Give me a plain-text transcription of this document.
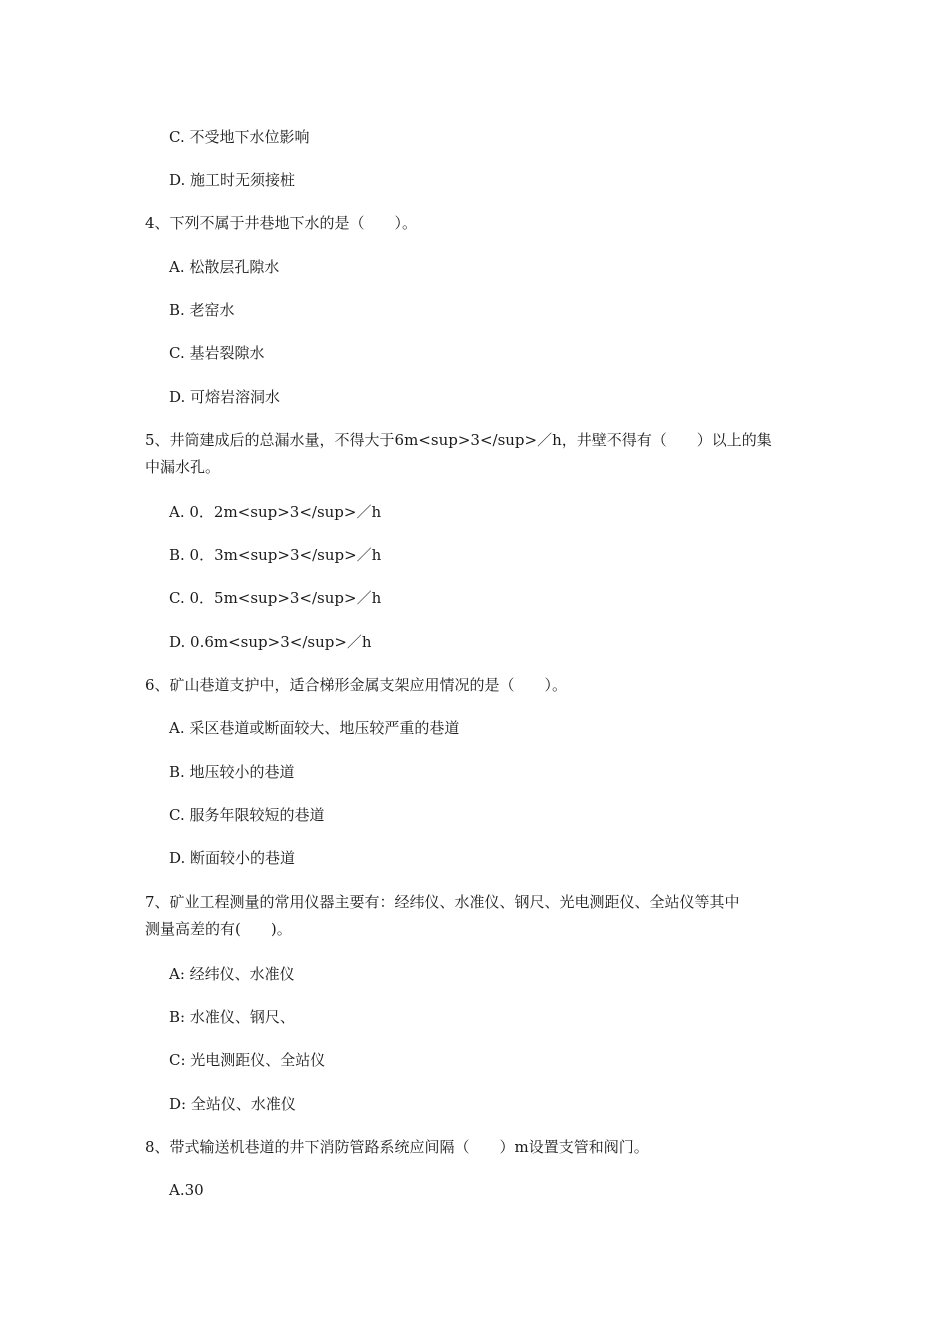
C. 不受地下水位影响
D. 施工时无须接桩
4、下列不属于井巷地下水的是（　　）。
A. 松散层孔隙水
B. 老窑水
C. 基岩裂隙水
D. 可熔岩溶洞水
5、井筒建成后的总漏水量，不得大于6m<sup>3</sup>／h，井壁不得有（　　）以上的集
中漏水孔。
A. 0．2m<sup>3</sup>／h
B. 0．3m<sup>3</sup>／h
C. 0．5m<sup>3</sup>／h
D. 0.6m<sup>3</sup>／h
6、矿山巷道支护中，适合梯形金属支架应用情况的是（　　）。
A. 采区巷道或断面较大、地压较严重的巷道
B. 地压较小的巷道
C. 服务年限较短的巷道
D. 断面较小的巷道
7、矿业工程测量的常用仪器主要有：经纬仪、水准仪、钢尺、光电测距仪、全站仪等其中
测量高差的有(　　)。
A: 经纬仪、水准仪
B: 水准仪、钢尺、
C: 光电测距仪、全站仪
D: 全站仪、水准仪
8、带式输送机巷道的井下消防管路系统应间隔（　　）m设置支管和阀门。
A.30
